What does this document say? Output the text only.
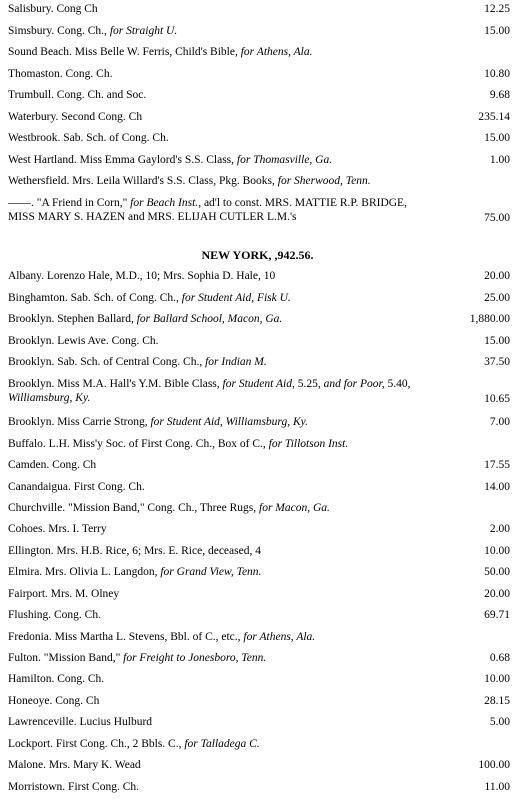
Salisbury. Cong Ch	12.25
Simsbury. Cong. Ch., for Straight U.	15.00
Sound Beach. Miss Belle W. Ferris, Child's Bible, for Athens, Ala.
Thomaston. Cong. Ch.	10.80
Trumbull. Cong. Ch. and Soc.	9.68
Waterbury. Second Cong. Ch	235.14
Westbrook. Sab. Sch. of Cong. Ch.	15.00
West Hartland. Miss Emma Gaylord's S.S. Class, for Thomasville, Ga.	1.00
Wethersfield. Mrs. Leila Willard's S.S. Class, Pkg. Books, for Sherwood, Tenn.
——. "A Friend in Corn," for Beach Inst., ad'l to const. MRS. MATTIE R.P. BRIDGE, MISS MARY S. HAZEN and MRS. ELIJAH CUTLER L.M.'s	75.00
NEW YORK, ,942.56.
Albany. Lorenzo Hale, M.D., 10; Mrs. Sophia D. Hale, 10	20.00
Binghamton. Sab. Sch. of Cong. Ch., for Student Aid, Fisk U.	25.00
Brooklyn. Stephen Ballard, for Ballard School, Macon, Ga.	1,880.00
Brooklyn. Lewis Ave. Cong. Ch.	15.00
Brooklyn. Sab. Sch. of Central Cong. Ch., for Indian M.	37.50
Brooklyn. Miss M.A. Hall's Y.M. Bible Class, for Student Aid, 5.25, and for Poor, 5.40, Williamsburg, Ky.	10.65
Brooklyn. Miss Carrie Strong, for Student Aid, Williamsburg, Ky.	7.00
Buffalo. L.H. Miss'y Soc. of First Cong. Ch., Box of C., for Tillotson Inst.
Camden. Cong. Ch	17.55
Canandaigua. First Cong. Ch.	14.00
Churchville. "Mission Band," Cong. Ch., Three Rugs, for Macon, Ga.
Cohoes. Mrs. I. Terry	2.00
Ellington. Mrs. H.B. Rice, 6; Mrs. E. Rice, deceased, 4	10.00
Elmira. Mrs. Olivia L. Langdon, for Grand View, Tenn.	50.00
Fairport. Mrs. M. Olney	20.00
Flushing. Cong. Ch.	69.71
Fredonia. Miss Martha L. Stevens, Bbl. of C., etc., for Athens, Ala.
Fulton. "Mission Band," for Freight to Jonesboro, Tenn.	0.68
Hamilton. Cong. Ch.	10.00
Honeoye. Cong. Ch	28.15
Lawrenceville. Lucius Hulburd	5.00
Lockport. First Cong. Ch., 2 Bbls. C., for Talladega C.
Malone. Mrs. Mary K. Wead	100.00
Morristown. First Cong. Ch.	11.00
